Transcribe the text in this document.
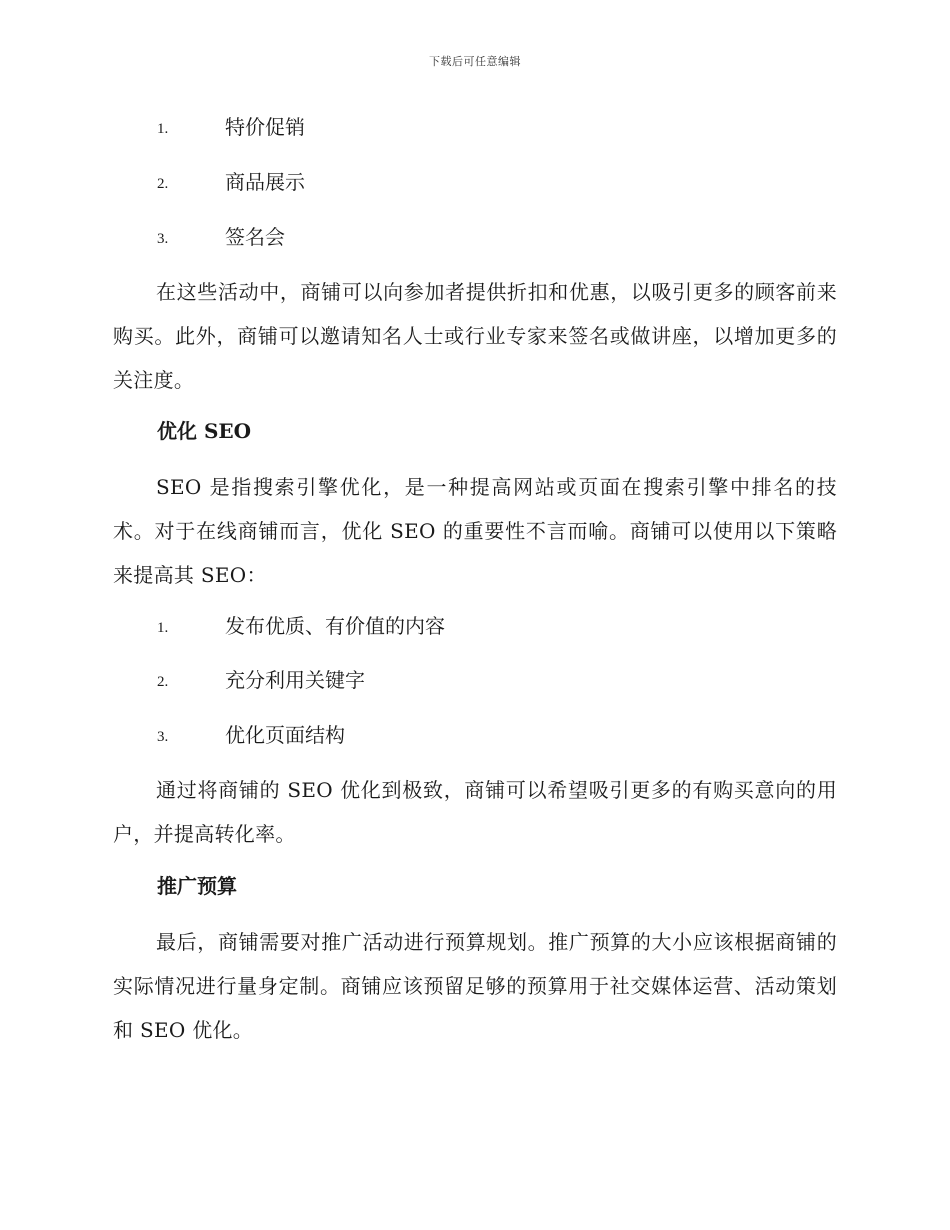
下载后可任意编辑
1.	特价促销
2.	商品展示
3.	签名会
在这些活动中，商铺可以向参加者提供折扣和优惠，以吸引更多的顾客前来购买。此外，商铺可以邀请知名人士或行业专家来签名或做讲座，以增加更多的关注度。
优化 SEO
SEO 是指搜索引擎优化，是一种提高网站或页面在搜索引擎中排名的技术。对于在线商铺而言，优化 SEO 的重要性不言而喻。商铺可以使用以下策略来提高其 SEO：
1.	发布优质、有价值的内容
2.	充分利用关键字
3.	优化页面结构
通过将商铺的 SEO 优化到极致，商铺可以希望吸引更多的有购买意向的用户，并提高转化率。
推广预算
最后，商铺需要对推广活动进行预算规划。推广预算的大小应该根据商铺的实际情况进行量身定制。商铺应该预留足够的预算用于社交媒体运营、活动策划和 SEO 优化。
